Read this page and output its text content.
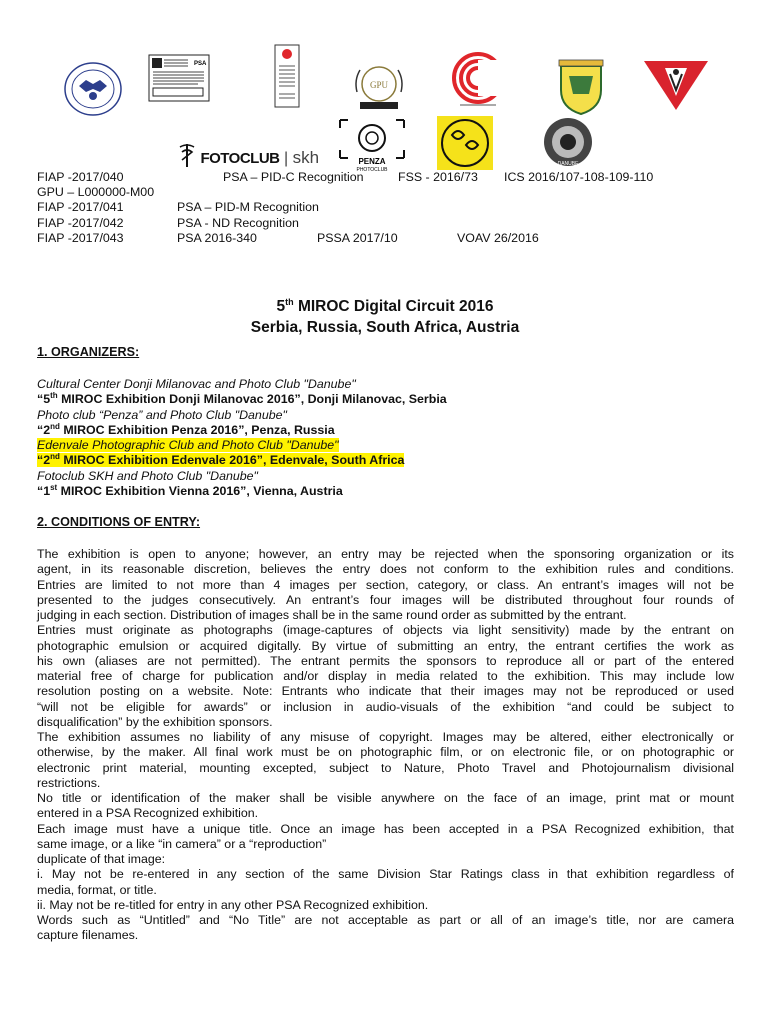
PSA
GPU
FOTOCLUB | skh	PENZA
PHOTOCLUB
DANUBE
FIAP -2017/040	PSA – PID-C Recognition	FSS - 2016/73 ICS 2016/107-108-109-110
GPU – L000000-M00
FIAP -2017/041	PSA – PID-M Recognition
FIAP -2017/042	PSA - ND Recognition
FIAP -2017/043	PSA 2016-340	PSSA 2017/10	VOAV 26/2016
5th MIROC Digital Circuit 2016
Serbia, Russia, South Africa, Austria
1. ORGANIZERS:
Cultural Center Donji Milanovac and Photo Club "Danube"
“5th MIROC Exhibition Donji Milanovac 2016”, Donji Milanovac, Serbia
Photo club “Penza” and Photo Club "Danube"
“2nd MIROC Exhibition Penza 2016”, Penza, Russia
Edenvale Photographic Club and Photo Club "Danube"
“2nd MIROC Exhibition Edenvale 2016”, Edenvale, South Africa
Fotoclub SKH and Photo Club "Danube"
“1st MIROC Exhibition Vienna 2016”, Vienna, Austria
2. CONDITIONS OF ENTRY:
The exhibition is open to anyone; however, an entry may be rejected when the sponsoring organization or its
agent, in its reasonable discretion, believes the entry does not conform to the exhibition rules and conditions.
Entries are limited to not more than 4 images per section, category, or class. An entrant’s images will not be
presented to the judges consecutively. An entrant’s four images will be distributed throughout four rounds of
judging in each section. Distribution of images shall be in the same round order as submitted by the entrant.
Entries must originate as photographs (image-captures of objects via light sensitivity) made by the entrant on
photographic emulsion or acquired digitally. By virtue of submitting an entry, the entrant certifies the work as
his own (aliases are not permitted). The entrant permits the sponsors to reproduce all or part of the entered
material free of charge for publication and/or display in media related to the exhibition. This may include low
resolution posting on a website. Note: Entrants who indicate that their images may not be reproduced or used
“will not be eligible for awards” or inclusion in audio-visuals of the exhibition “and could be subject to
disqualification” by the exhibition sponsors.
The exhibition assumes no liability of any misuse of copyright. Images may be altered, either electronically or
otherwise, by the maker. All final work must be on photographic film, or on electronic file, or on photographic or
electronic print material, mounting excepted, subject to Nature, Photo Travel and Photojournalism divisional
restrictions.
No title or identification of the maker shall be visible anywhere on the face of an image, print mat or mount
entered in a PSA Recognized exhibition.
Each image must have a unique title. Once an image has been accepted in a PSA Recognized exhibition, that
same image, or a like “in camera” or a “reproduction”
duplicate of that image:
i. May not be re-entered in any section of the same Division Star Ratings class in that exhibition regardless of
media, format, or title.
ii. May not be re-titled for entry in any other PSA Recognized exhibition.
Words such as “Untitled” and “No Title” are not acceptable as part or all of an image’s title, nor are camera
capture filenames.
